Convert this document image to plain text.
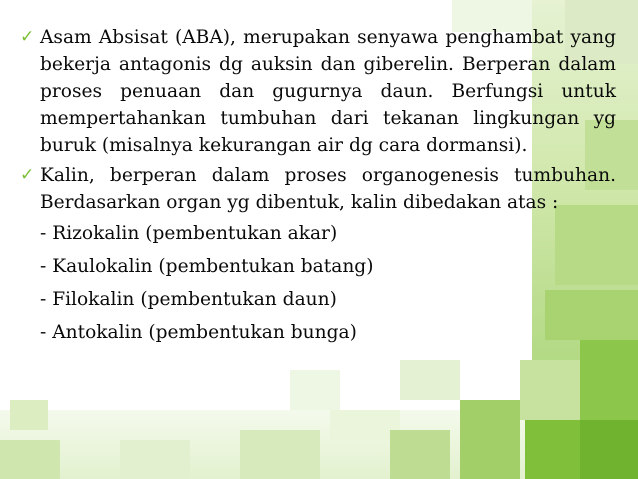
✓ Asam Absisat (ABA), merupakan senyawa penghambat yang bekerja antagonis dg auksin dan giberelin. Berperan dalam proses penuaan dan gugurnya daun. Berfungsi untuk mempertahankan tumbuhan dari tekanan lingkungan yg buruk (misalnya kekurangan air dg cara dormansi).

✓ Kalin, berperan dalam proses organogenesis tumbuhan. Berdasarkan organ yg dibentuk, kalin dibedakan atas :

- Rizokalin (pembentukan akar)
- Kaulokalin (pembentukan batang)
- Filokalin (pembentukan daun)
- Antokalin (pembentukan bunga)
